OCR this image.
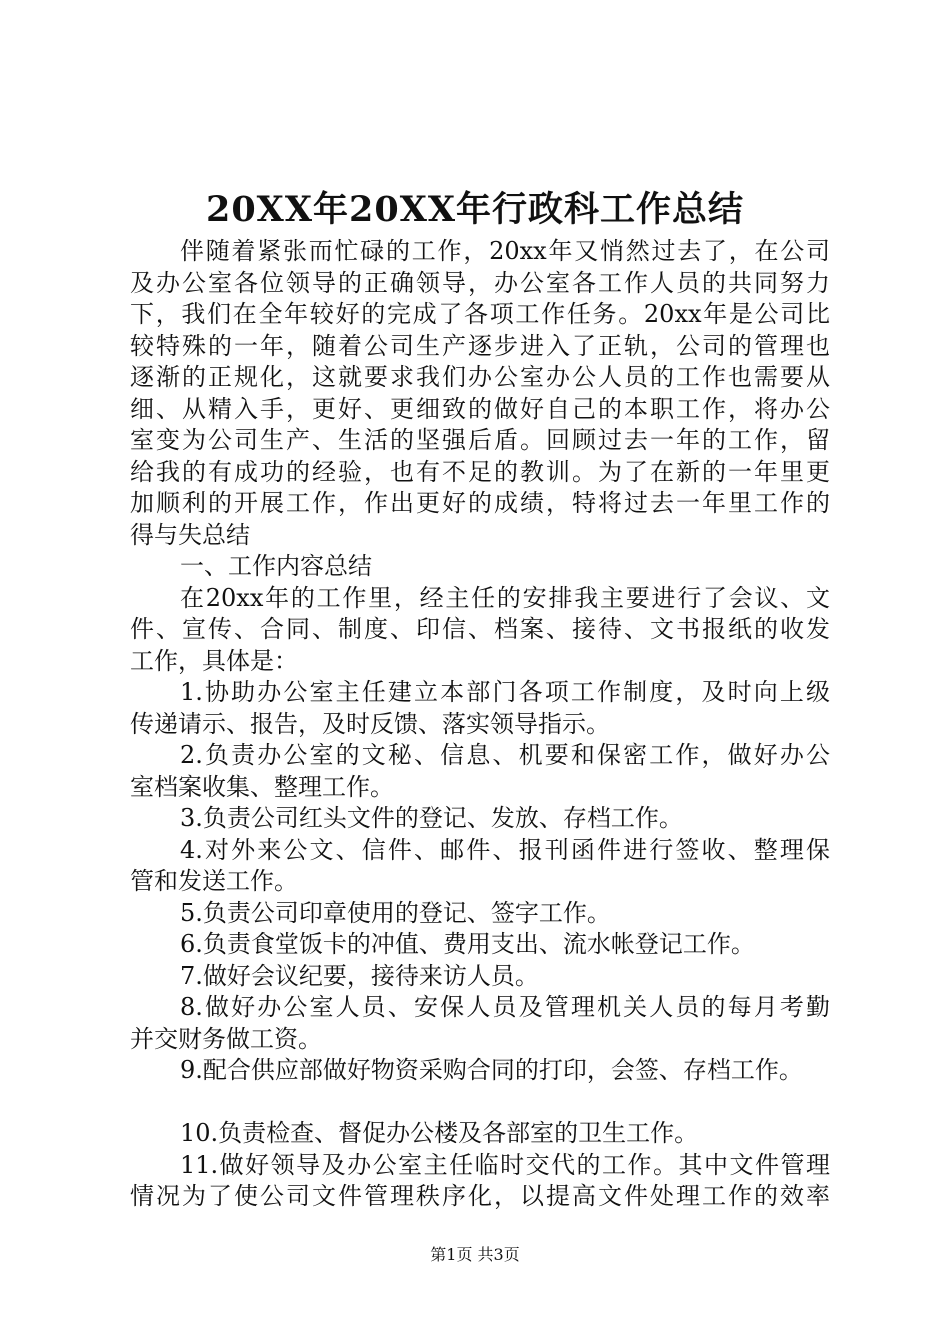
20XX年20XX年行政科工作总结
伴随着紧张而忙碌的工作，20xx年又悄然过去了，在公司
及办公室各位领导的正确领导，办公室各工作人员的共同努力
下，我们在全年较好的完成了各项工作任务。20xx年是公司比
较特殊的一年，随着公司生产逐步进入了正轨，公司的管理也
逐渐的正规化，这就要求我们办公室办公人员的工作也需要从
细、从精入手，更好、更细致的做好自己的本职工作，将办公
室变为公司生产、生活的坚强后盾。回顾过去一年的工作，留
给我的有成功的经验，也有不足的教训。为了在新的一年里更
加顺利的开展工作，作出更好的成绩，特将过去一年里工作的
得与失总结
一、工作内容总结
在20xx年的工作里，经主任的安排我主要进行了会议、文
件、宣传、合同、制度、印信、档案、接待、文书报纸的收发
工作，具体是：
1.协助办公室主任建立本部门各项工作制度，及时向上级
传递请示、报告，及时反馈、落实领导指示。
2.负责办公室的文秘、信息、机要和保密工作，做好办公
室档案收集、整理工作。
3.负责公司红头文件的登记、发放、存档工作。
4.对外来公文、信件、邮件、报刊函件进行签收、整理保
管和发送工作。
5.负责公司印章使用的登记、签字工作。
6.负责食堂饭卡的冲值、费用支出、流水帐登记工作。
7.做好会议纪要，接待来访人员。
8.做好办公室人员、安保人员及管理机关人员的每月考勤
并交财务做工资。
9.配合供应部做好物资采购合同的打印，会签、存档工作。
10.负责检查、督促办公楼及各部室的卫生工作。
11.做好领导及办公室主任临时交代的工作。其中文件管理
情况为了使公司文件管理秩序化，以提高文件处理工作的效率
第1页 共3页
